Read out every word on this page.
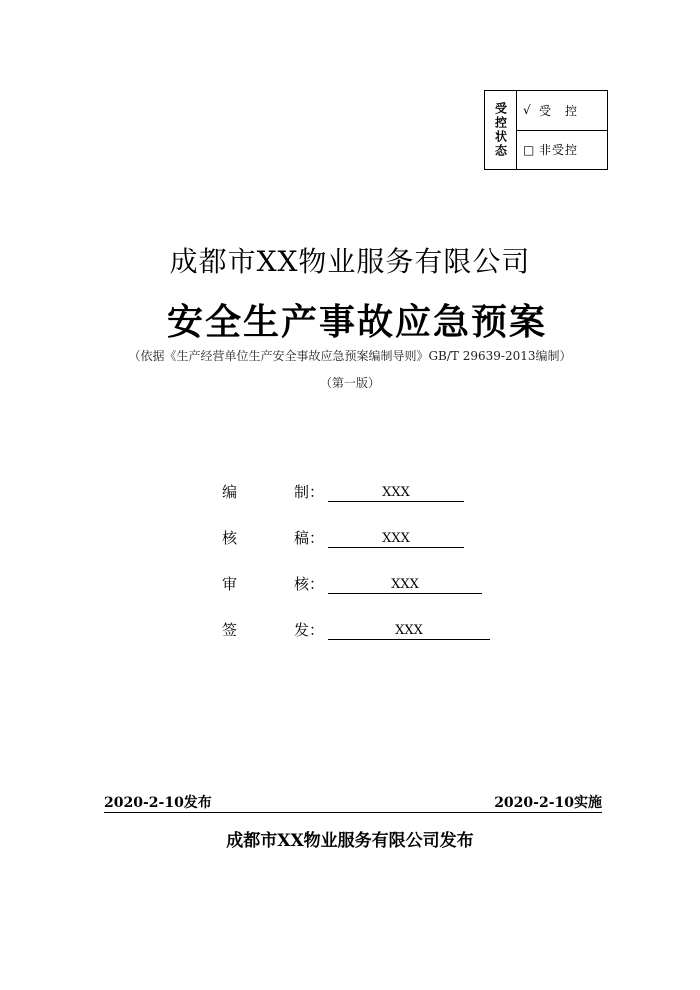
受控状态	√ 受　控
□ 非受控
成都市XX物业服务有限公司
安全生产事故应急预案
（依据《生产经营单位生产安全事故应急预案编制导则》GB/T 29639-2013编制）
（第一版）
编	制：	XXX
核	稿：	XXX
审	核：	XXX
签	发：	XXX
2020-2-10发布	2020-2-10实施
成都市XX物业服务有限公司发布
